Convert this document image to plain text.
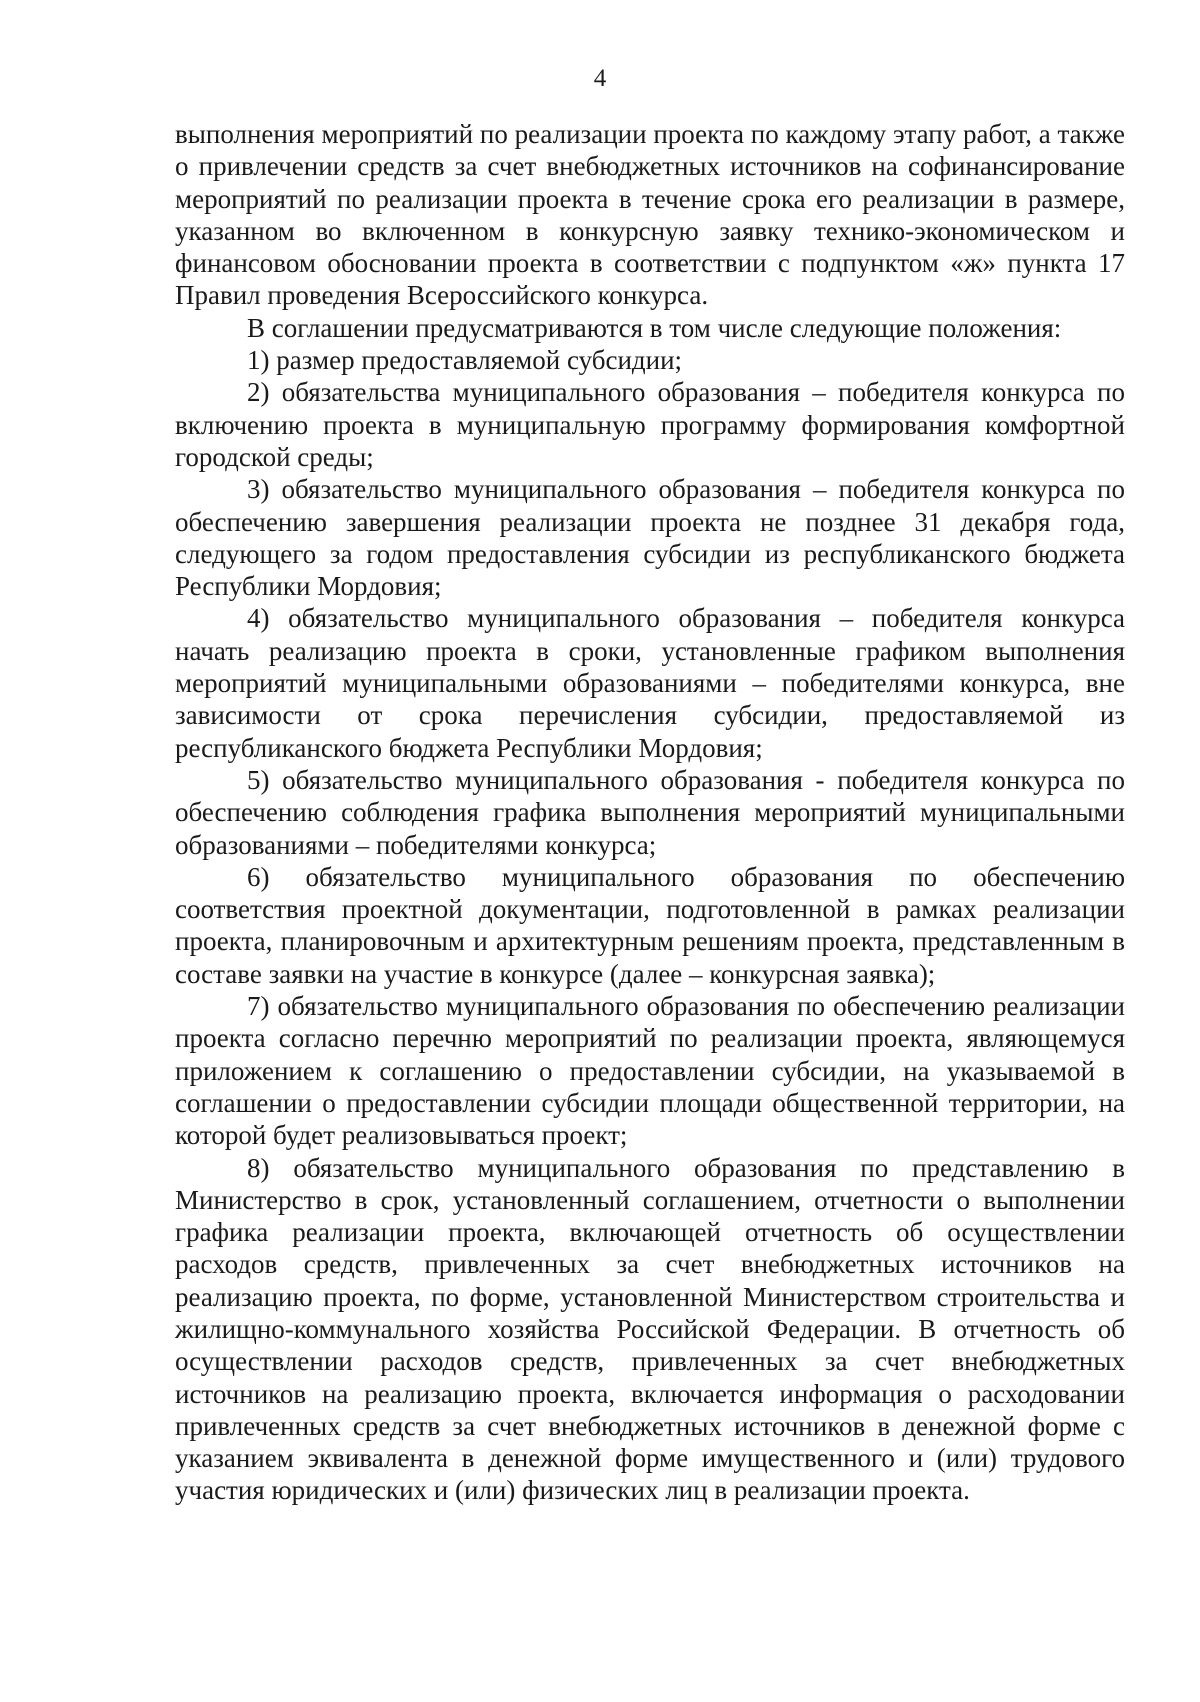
4

выполнения мероприятий по реализации проекта по каждому этапу работ, а также о привлечении средств за счет внебюджетных источников на софинансирование мероприятий по реализации проекта в течение срока его реализации в размере, указанном во включенном в конкурсную заявку технико-экономическом и финансовом обосновании проекта в соответствии с подпунктом «ж» пункта 17 Правил проведения Всероссийского конкурса.

В соглашении предусматриваются в том числе следующие положения:

1) размер предоставляемой субсидии;

2) обязательства муниципального образования – победителя конкурса по включению проекта в муниципальную программу формирования комфортной городской среды;

3) обязательство муниципального образования – победителя конкурса по обеспечению завершения реализации проекта не позднее 31 декабря года, следующего за годом предоставления субсидии из республиканского бюджета Республики Мордовия;

4) обязательство муниципального образования – победителя конкурса начать реализацию проекта в сроки, установленные графиком выполнения мероприятий муниципальными образованиями – победителями конкурса, вне зависимости от срока перечисления субсидии, предоставляемой из республиканского бюджета Республики Мордовия;

5) обязательство муниципального образования - победителя конкурса по обеспечению соблюдения графика выполнения мероприятий муниципальными образованиями – победителями конкурса;

6) обязательство муниципального образования по обеспечению соответствия проектной документации, подготовленной в рамках реализации проекта, планировочным и архитектурным решениям проекта, представленным в составе заявки на участие в конкурсе (далее – конкурсная заявка);

7) обязательство муниципального образования по обеспечению реализации проекта согласно перечню мероприятий по реализации проекта, являющемуся приложением к соглашению о предоставлении субсидии, на указываемой в соглашении о предоставлении субсидии площади общественной территории, на которой будет реализовываться проект;

8) обязательство муниципального образования по представлению в Министерство в срок, установленный соглашением, отчетности о выполнении графика реализации проекта, включающей отчетность об осуществлении расходов средств, привлеченных за счет внебюджетных источников на реализацию проекта, по форме, установленной Министерством строительства и жилищно-коммунального хозяйства Российской Федерации. В отчетность об осуществлении расходов средств, привлеченных за счет внебюджетных источников на реализацию проекта, включается информация о расходовании привлеченных средств за счет внебюджетных источников в денежной форме с указанием эквивалента в денежной форме имущественного и (или) трудового участия юридических и (или) физических лиц в реализации проекта.
